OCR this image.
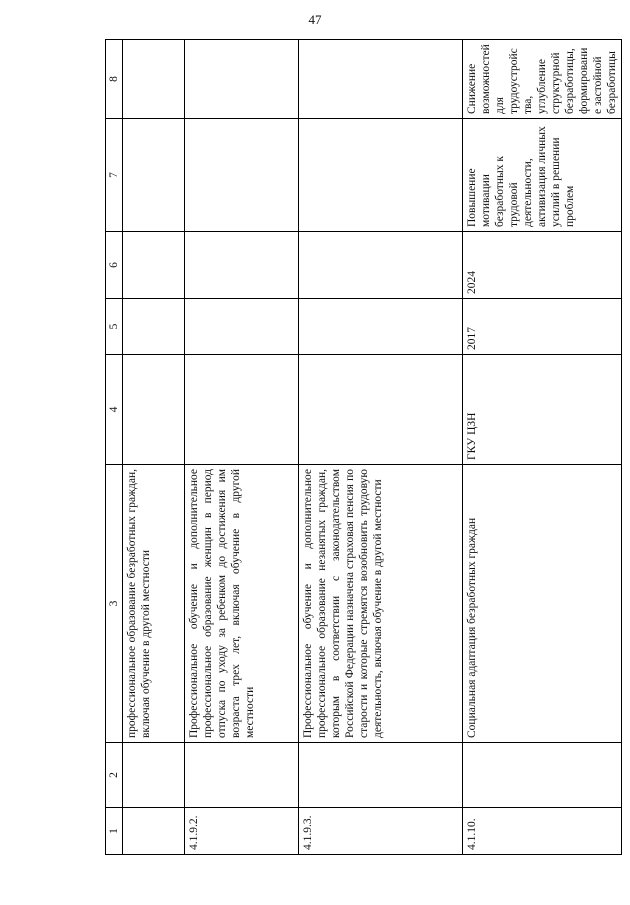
47
1	2	3	4	5	6	7	8
		профессиональное образование безработных граждан, включая обучение в другой местности					
4.1.9.2.		Профессиональное обучение и дополнительное профессиональное образование женщин в период отпуска по уходу за ребенком до достижения им возраста трех лет, включая обучение в другой местности					
4.1.9.3.		Профессиональное обучение и дополнительное профессиональное образование незанятых граждан, которым в соответствии с законодательством Российской Федерации назначена страховая пенсия по старости и которые стремятся возобновить трудовую деятельность, включая обучение в другой местности					
4.1.10.		Социальная адаптация безработных граждан	ГКУ ЦЗН	2017	2024	Повышение мотивации безработных к трудовой деятельности, активизация личных усилий в решении проблем	Снижение возможностей для трудоустройства, углубление структурной безработицы, формирование застойной безработицы
